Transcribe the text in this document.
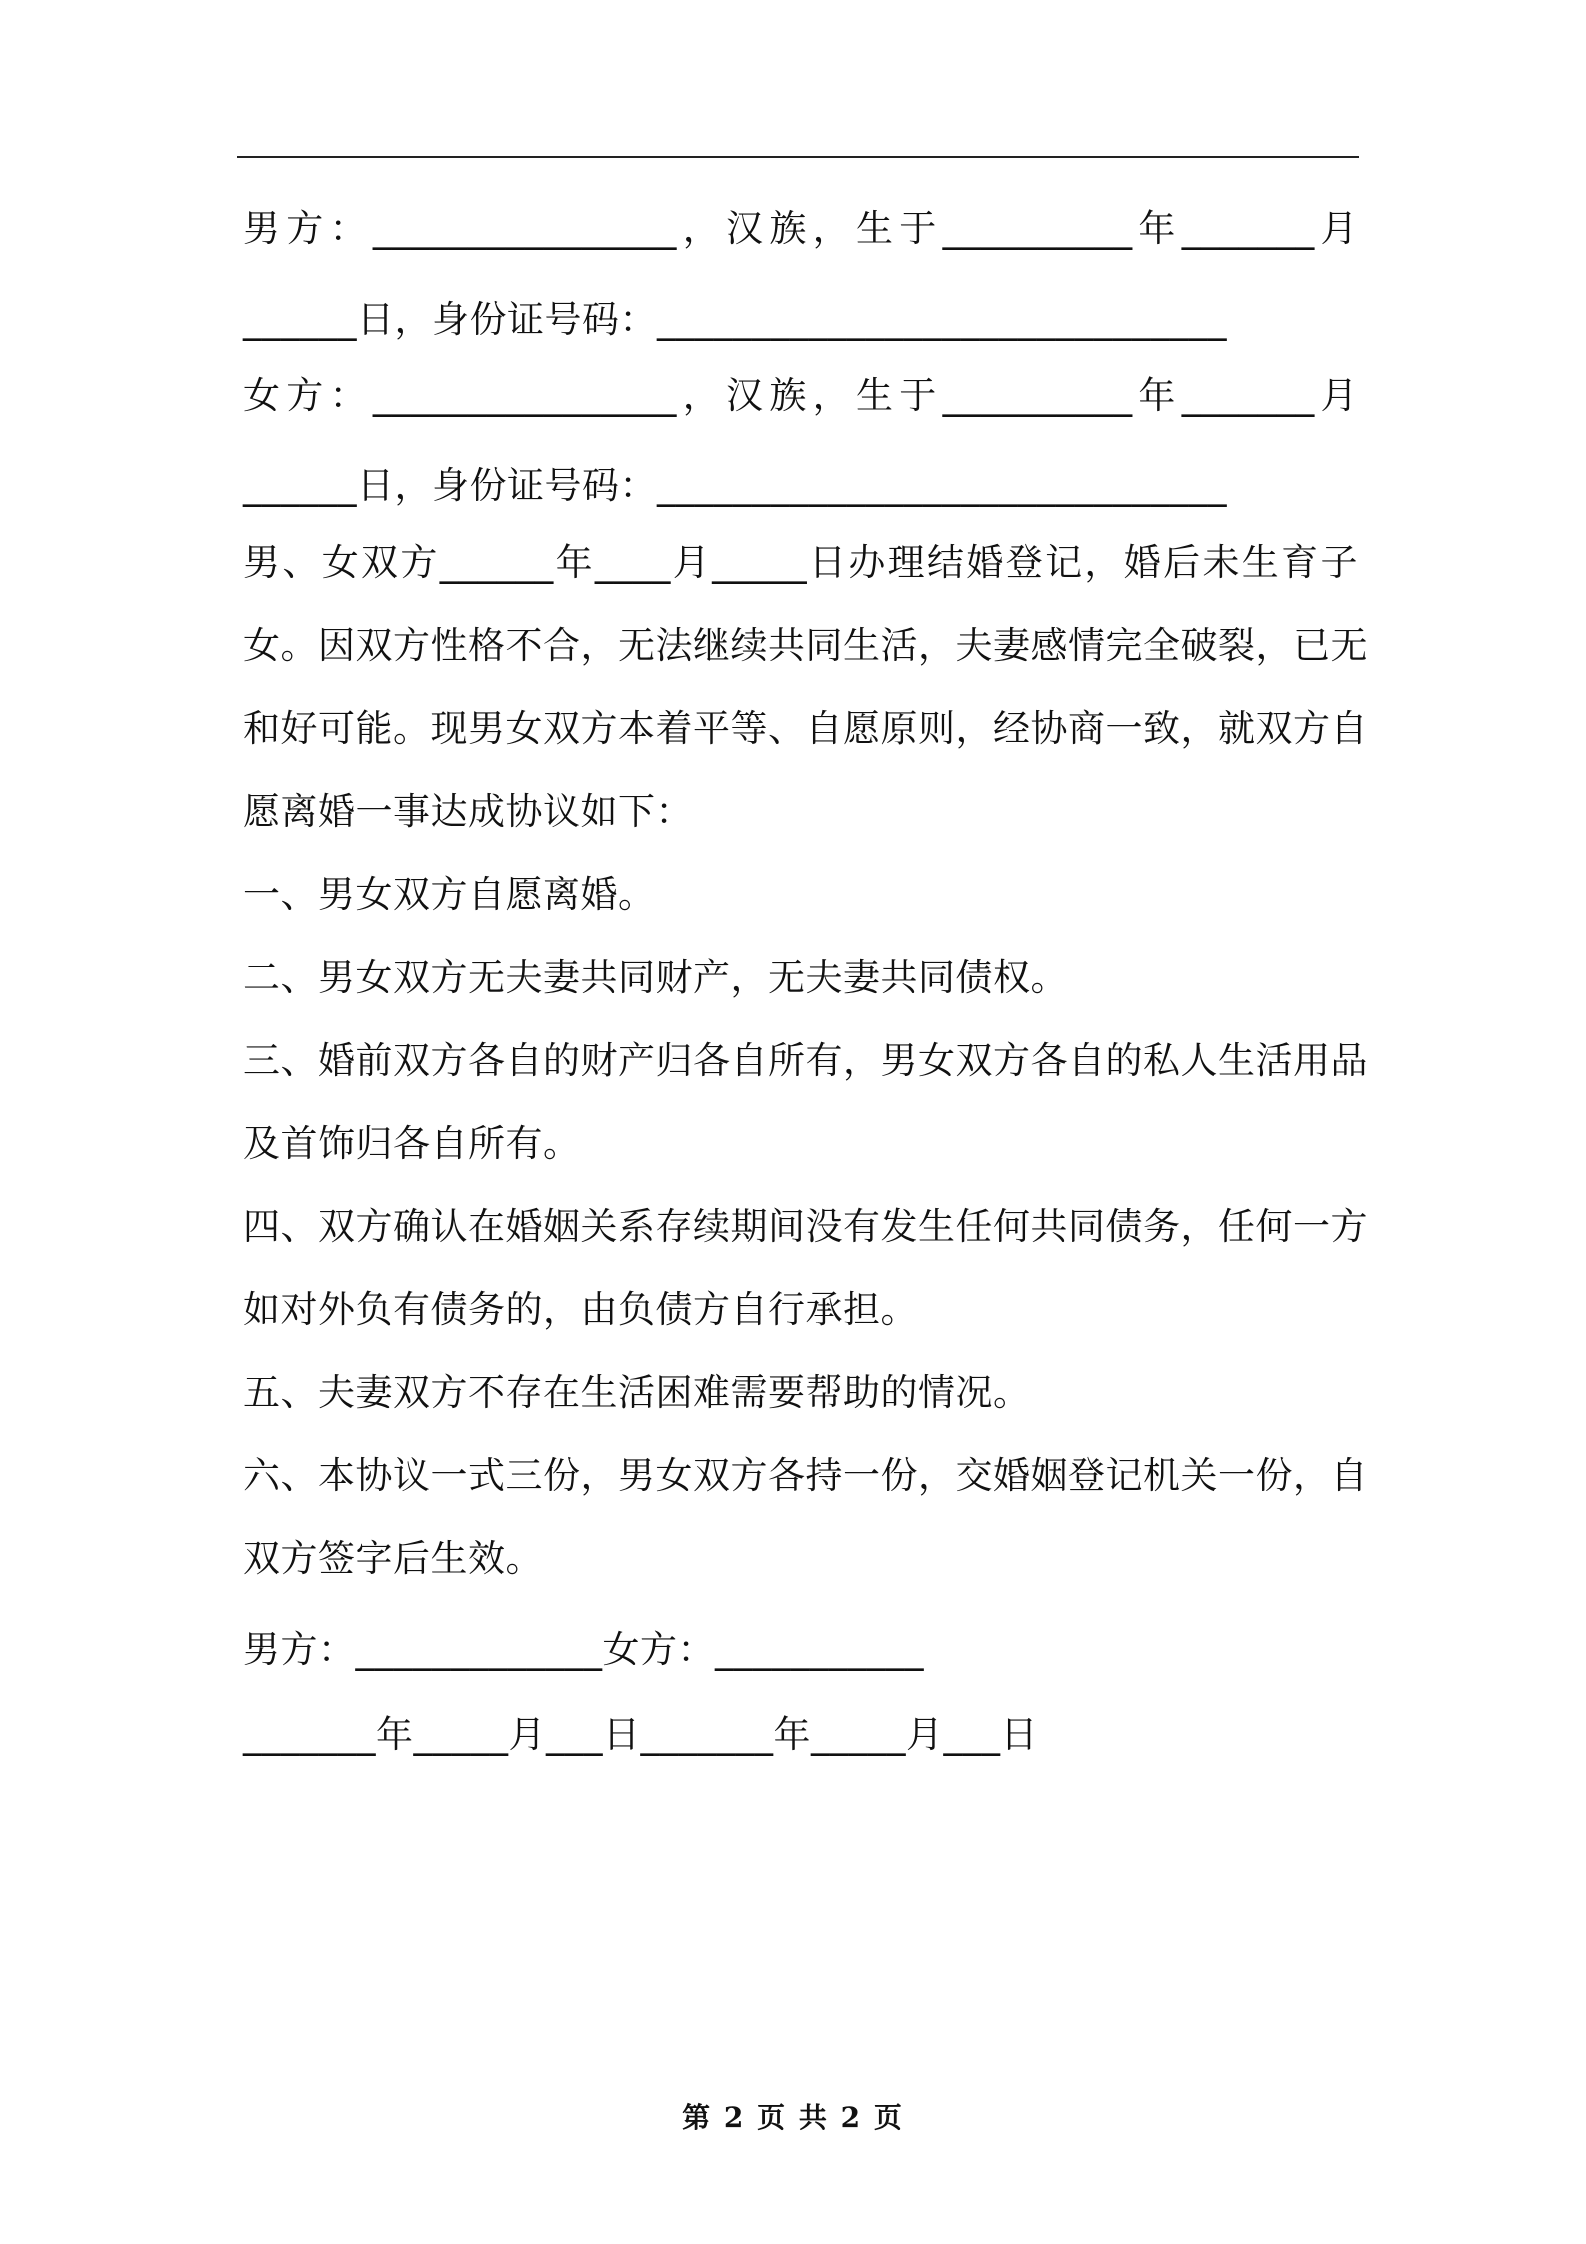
男方：________________，汉族，生于__________年_______月
______日，身份证号码：______________________________
女方：________________，汉族，生于__________年_______月
______日，身份证号码：______________________________
男、女双方______年____月_____日办理结婚登记，婚后未生育子
女。因双方性格不合，无法继续共同生活，夫妻感情完全破裂，已无
和好可能。现男女双方本着平等、自愿原则，经协商一致，就双方自
愿离婚一事达成协议如下：
一、男女双方自愿离婚。
二、男女双方无夫妻共同财产，无夫妻共同债权。
三、婚前双方各自的财产归各自所有，男女双方各自的私人生活用品
及首饰归各自所有。
四、双方确认在婚姻关系存续期间没有发生任何共同债务，任何一方
如对外负有债务的，由负债方自行承担。
五、夫妻双方不存在生活困难需要帮助的情况。
六、本协议一式三份，男女双方各持一份，交婚姻登记机关一份，自
双方签字后生效。
男方：_____________女方：___________
_______年_____月___日_______年_____月___日
第 2 页 共 2 页
